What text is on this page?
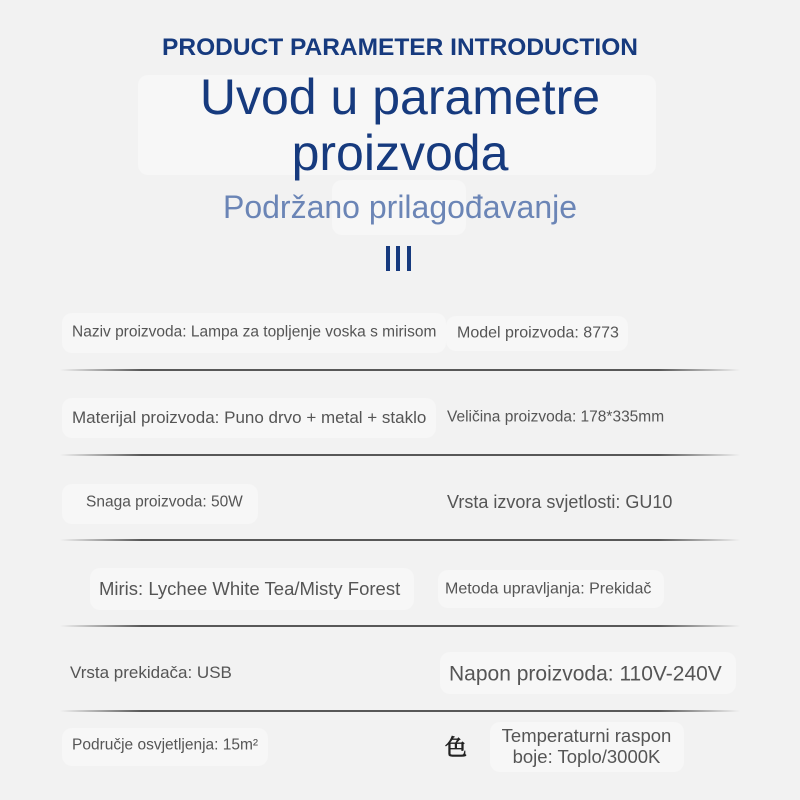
PRODUCT PARAMETER INTRODUCTION
Uvod u parametre proizvoda
Podržano prilagođavanje
Naziv proizvoda: Lampa za topljenje voska s mirisom Model proizvoda: 8773
Materijal proizvoda: Puno drvo + metal + staklo Veličina proizvoda: 178*335mm
Snaga proizvoda: 50W	Vrsta izvora svjetlosti: GU10
Miris: Lychee White Tea/Misty Forest	Metoda upravljanja: Prekidač
Vrsta prekidača: USB	Napon proizvoda: 110V-240V
Područje osvjetljenja: 15m²	色	Temperaturni raspon boje: Toplo/3000K
